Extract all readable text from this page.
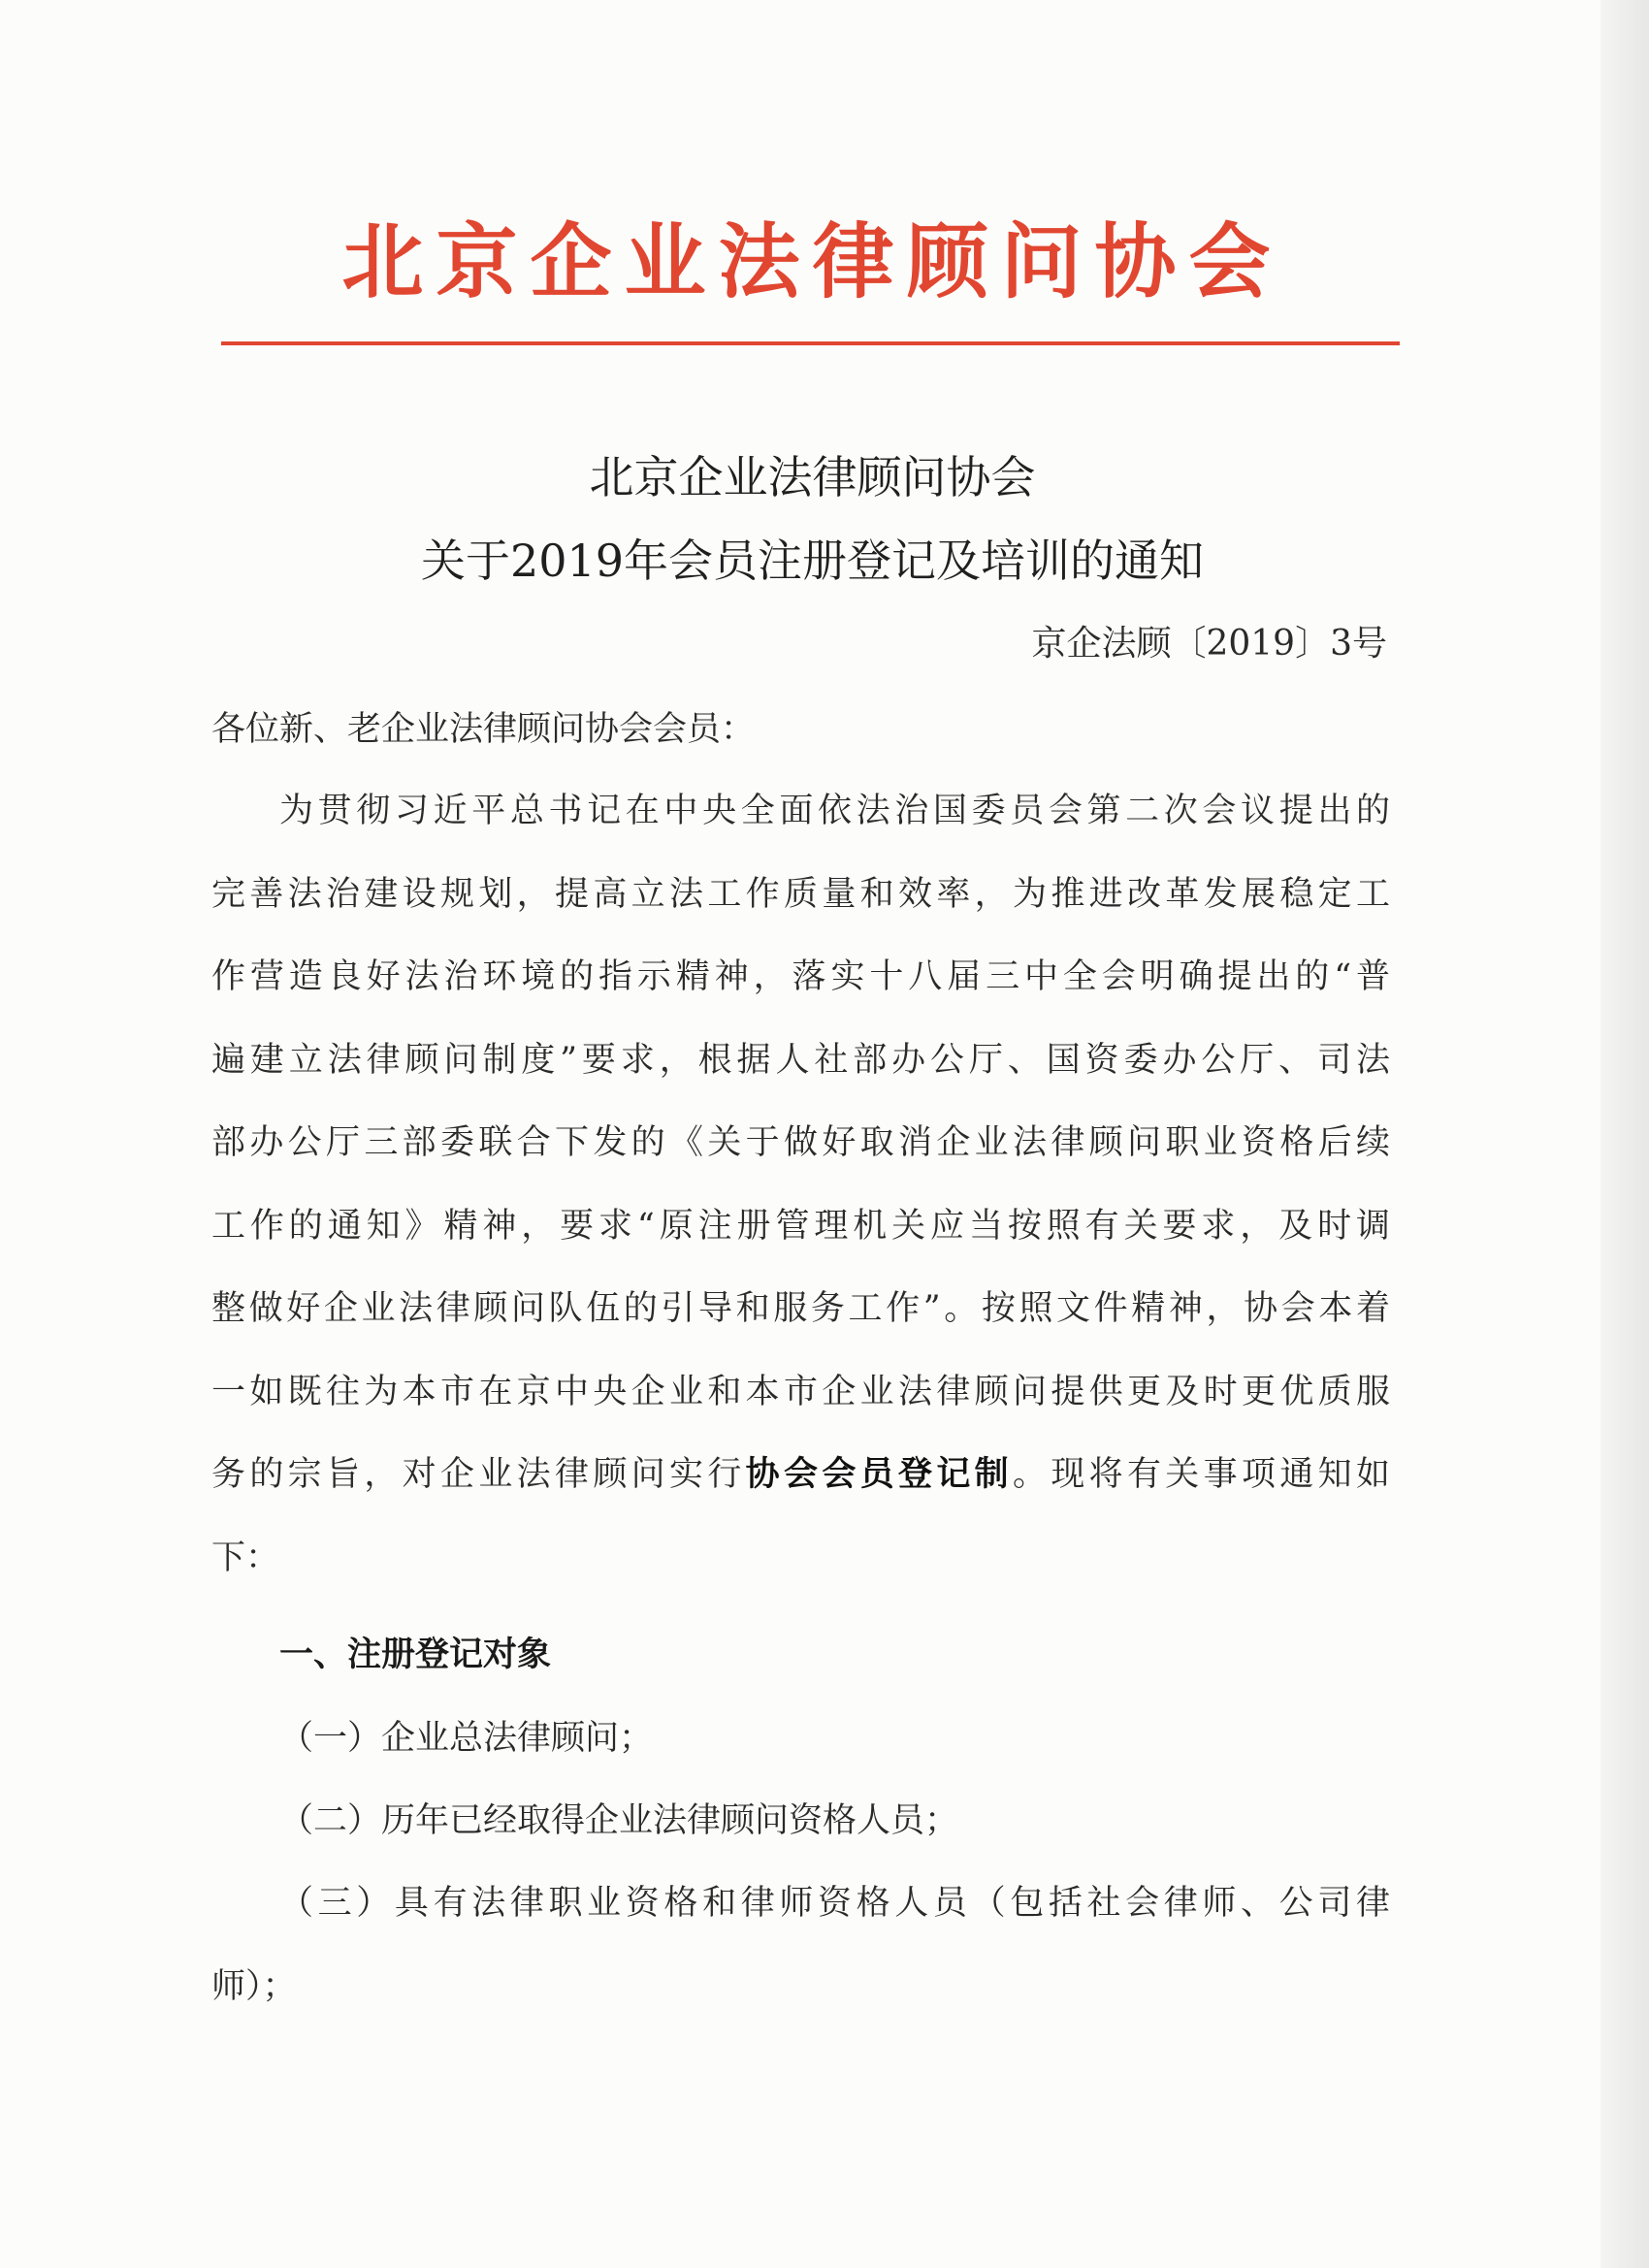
北京企业法律顾问协会
北京企业法律顾问协会
关于2019年会员注册登记及培训的通知
京企法顾〔2019〕3号
各位新、老企业法律顾问协会会员：
为贯彻习近平总书记在中央全面依法治国委员会第二次会议提出的
完善法治建设规划，提高立法工作质量和效率，为推进改革发展稳定工
作营造良好法治环境的指示精神，落实十八届三中全会明确提出的“普
遍建立法律顾问制度”要求，根据人社部办公厅、国资委办公厅、司法
部办公厅三部委联合下发的《关于做好取消企业法律顾问职业资格后续
工作的通知》精神，要求“原注册管理机关应当按照有关要求，及时调
整做好企业法律顾问队伍的引导和服务工作”。按照文件精神，协会本着
一如既往为本市在京中央企业和本市企业法律顾问提供更及时更优质服
务的宗旨，对企业法律顾问实行协会会员登记制。现将有关事项通知如
下：
一、注册登记对象
（一）企业总法律顾问；
（二）历年已经取得企业法律顾问资格人员；
（三）具有法律职业资格和律师资格人员（包括社会律师、公司律
师）；
